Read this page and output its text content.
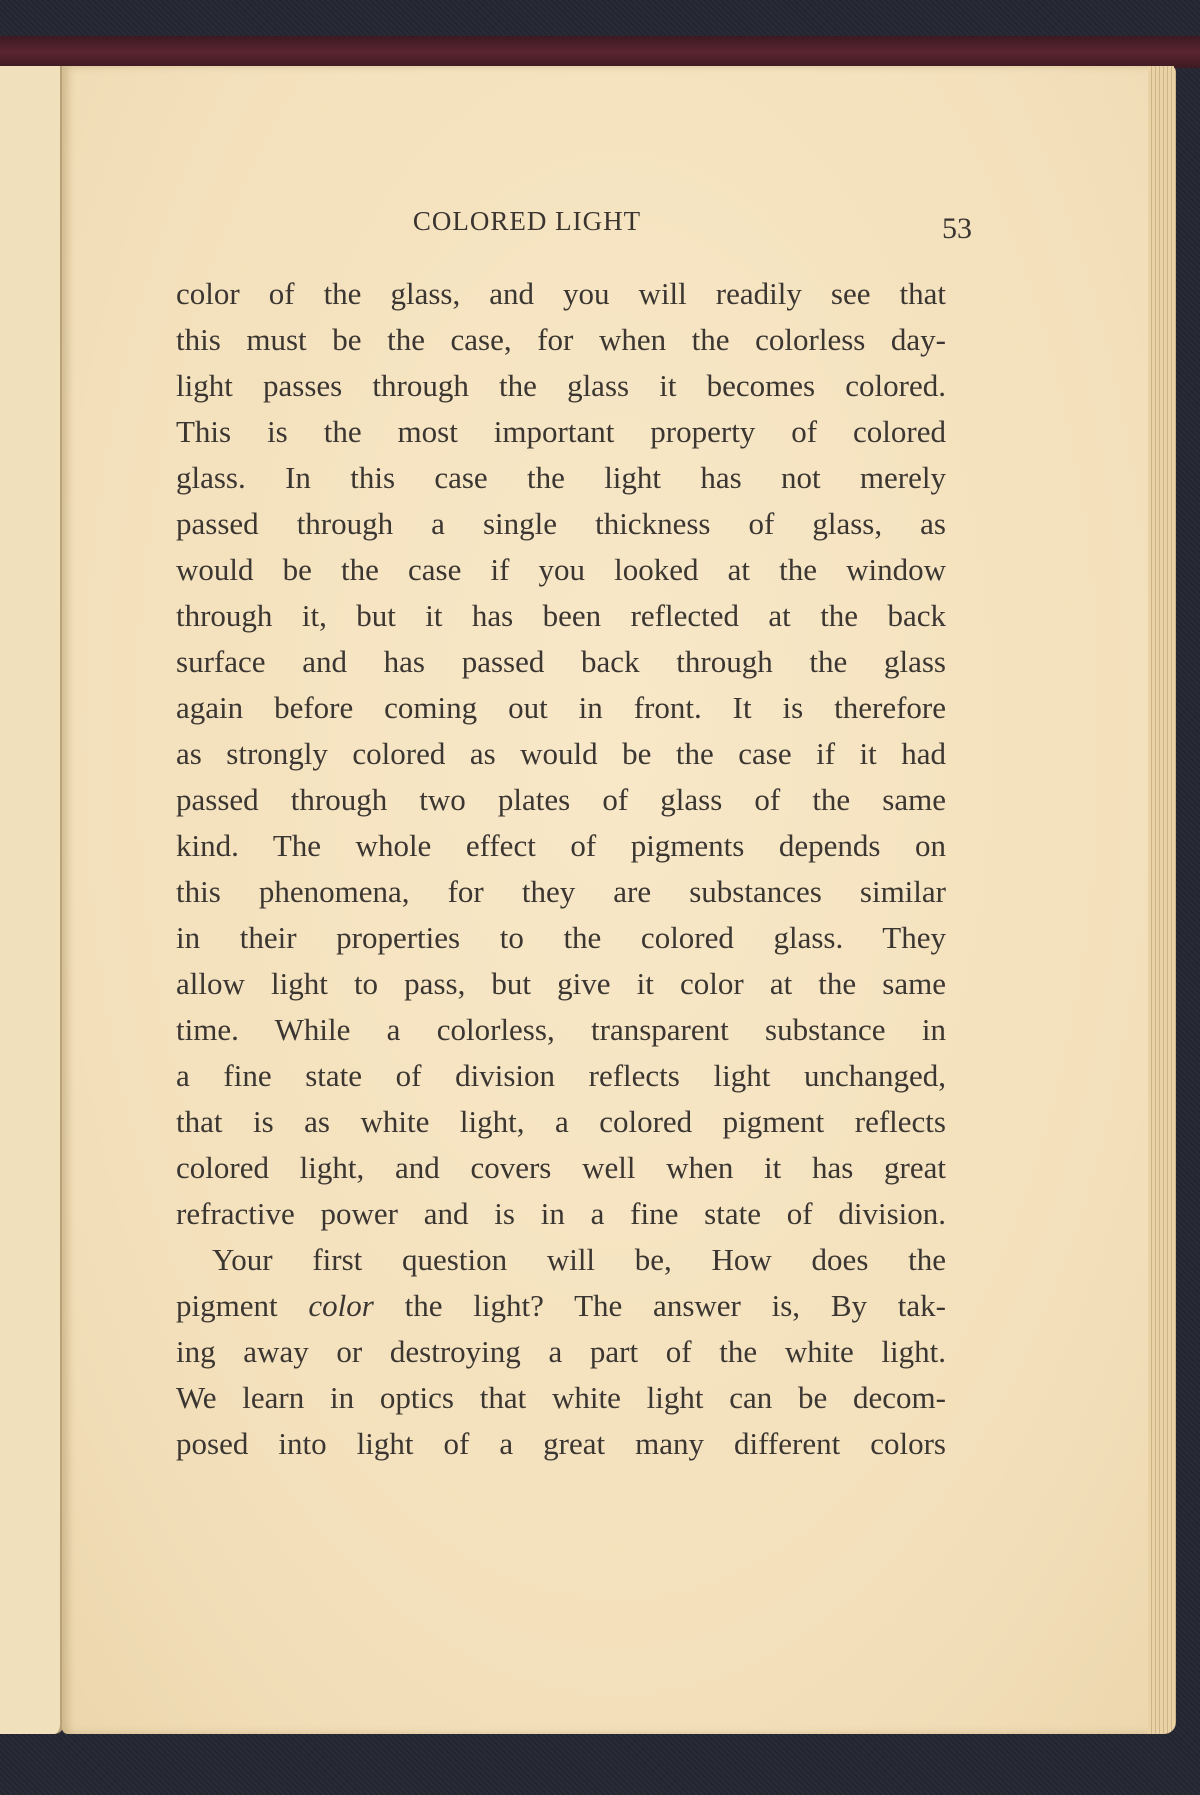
COLORED LIGHT	53
color of the glass, and you will readily see that
this must be the case, for when the colorless day-
light passes through the glass it becomes colored.
This is the most important property of colored
glass. In this case the light has not merely
passed through a single thickness of glass, as
would be the case if you looked at the window
through it, but it has been reflected at the back
surface and has passed back through the glass
again before coming out in front. It is therefore
as strongly colored as would be the case if it had
passed through two plates of glass of the same
kind. The whole effect of pigments depends on
this phenomena, for they are substances similar
in their properties to the colored glass. They
allow light to pass, but give it color at the same
time. While a colorless, transparent substance in
a fine state of division reflects light unchanged,
that is as white light, a colored pigment reflects
colored light, and covers well when it has great
refractive power and is in a fine state of division.
Your first question will be, How does the
pigment color the light? The answer is, By tak-
ing away or destroying a part of the white light.
We learn in optics that white light can be decom-
posed into light of a great many different colors
